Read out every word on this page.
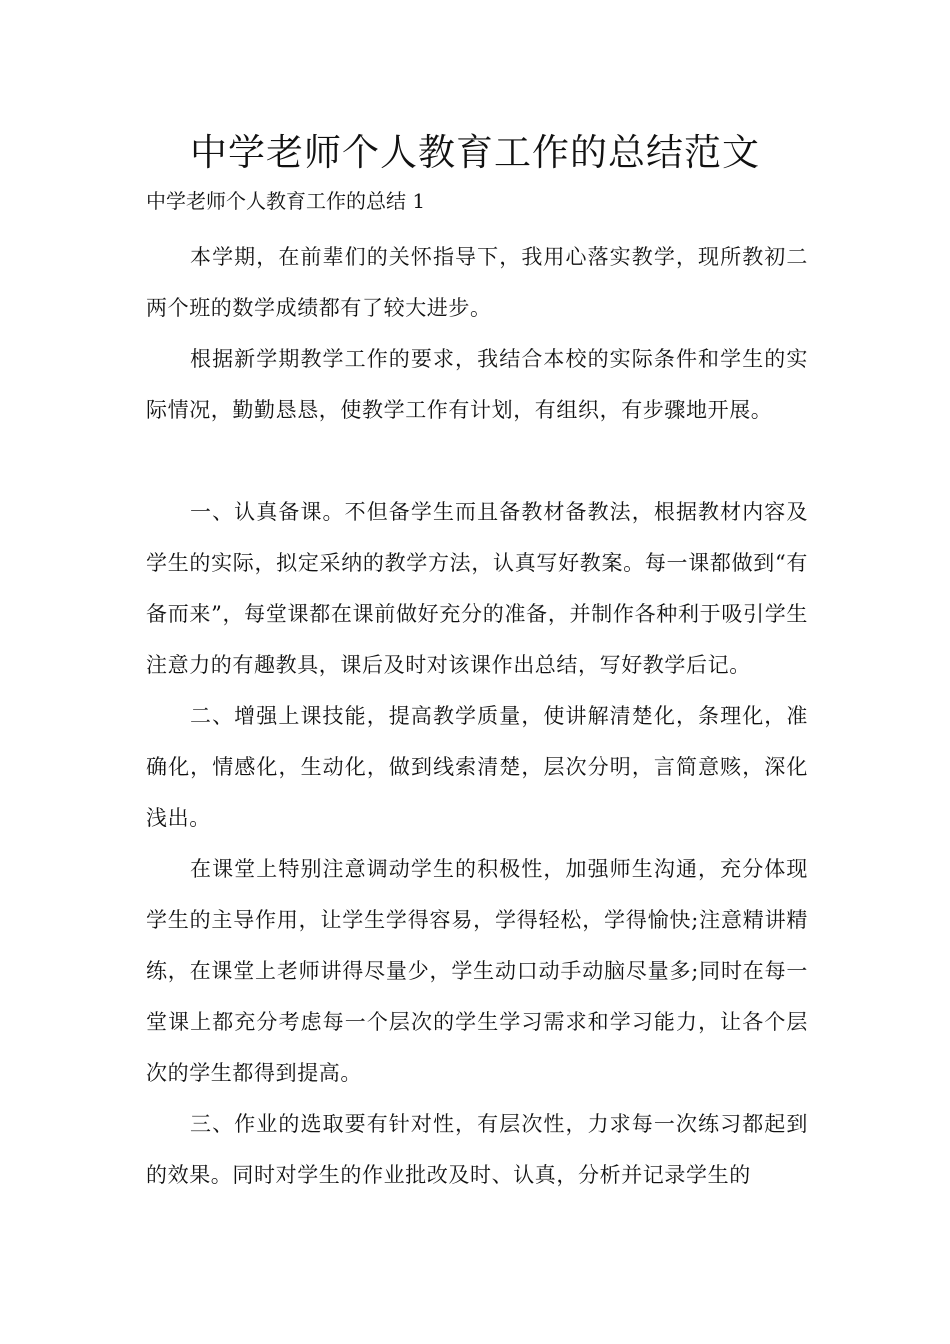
中学老师个人教育工作的总结范文

中学老师个人教育工作的总结 1

本学期，在前辈们的关怀指导下，我用心落实教学，现所教初二两个班的数学成绩都有了较大进步。

根据新学期教学工作的要求，我结合本校的实际条件和学生的实际情况，勤勤恳恳，使教学工作有计划，有组织，有步骤地开展。

一、认真备课。不但备学生而且备教材备教法，根据教材内容及学生的实际，拟定采纳的教学方法，认真写好教案。每一课都做到“有备而来”，每堂课都在课前做好充分的准备，并制作各种利于吸引学生注意力的有趣教具，课后及时对该课作出总结，写好教学后记。

二、增强上课技能，提高教学质量，使讲解清楚化，条理化，准确化，情感化，生动化，做到线索清楚，层次分明，言简意赅，深化浅出。

在课堂上特别注意调动学生的积极性，加强师生沟通，充分体现学生的主导作用，让学生学得容易，学得轻松，学得愉快;注意精讲精练，在课堂上老师讲得尽量少，学生动口动手动脑尽量多;同时在每一堂课上都充分考虑每一个层次的学生学习需求和学习能力，让各个层次的学生都得到提高。

三、作业的选取要有针对性，有层次性，力求每一次练习都起到的效果。同时对学生的作业批改及时、认真，分析并记录学生的
